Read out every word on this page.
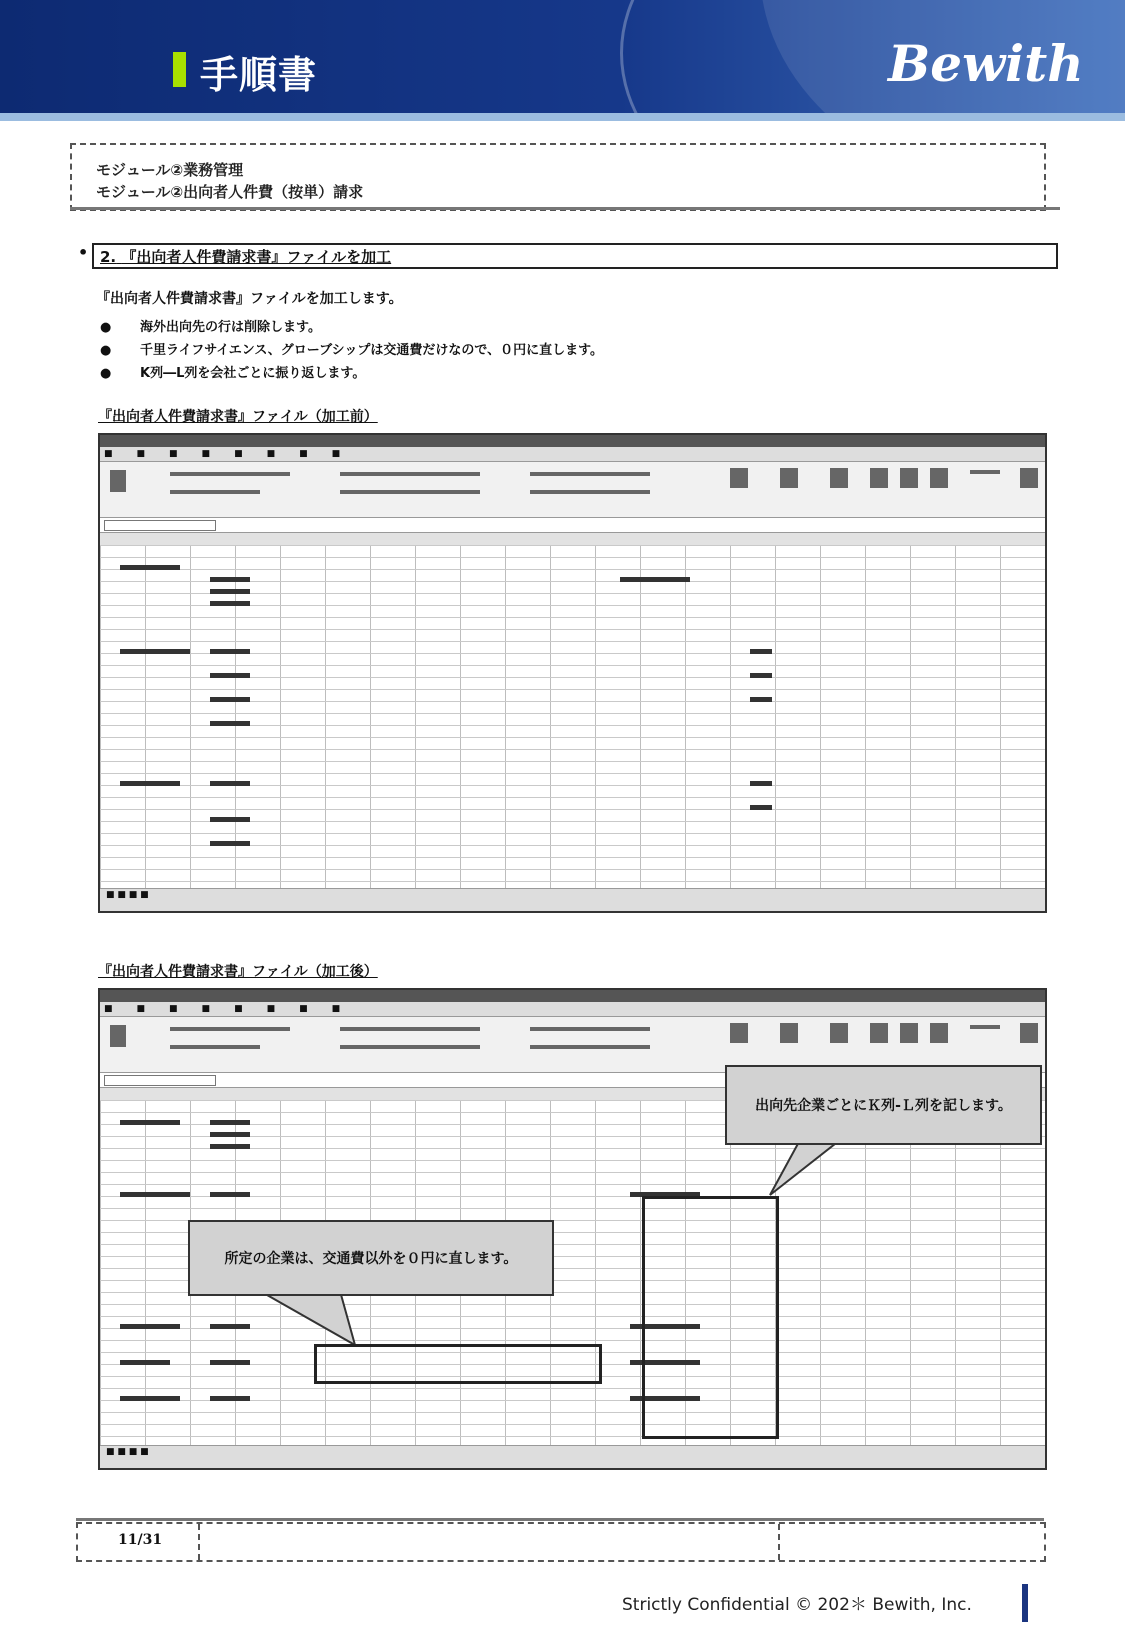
手順書	Bewith
モジュール②業務管理
モジュール②出向者人件費（按単）請求
• 2. 『出向者人件費請求書』ファイルを加工
『出向者人件費請求書』ファイルを加工します。
● 海外出向先の行は削除します。
● 千里ライフサイエンス、グローブシップは交通費だけなので、０円に直します。
● K列―L列を会社ごとに振り返します。
『出向者人件費請求書』ファイル（加工前）
■	■	■	■	■	■	■	■
■ ■ ■ ■
『出向者人件費請求書』ファイル（加工後）
■	■	■	■	■	■	■	■
■ ■ ■ ■
出向先企業ごとにＫ列-Ｌ列を記します。
所定の企業は、交通費以外を０円に直します。
11/31
Strictly Confidential © 202＊ Bewith, Inc.
